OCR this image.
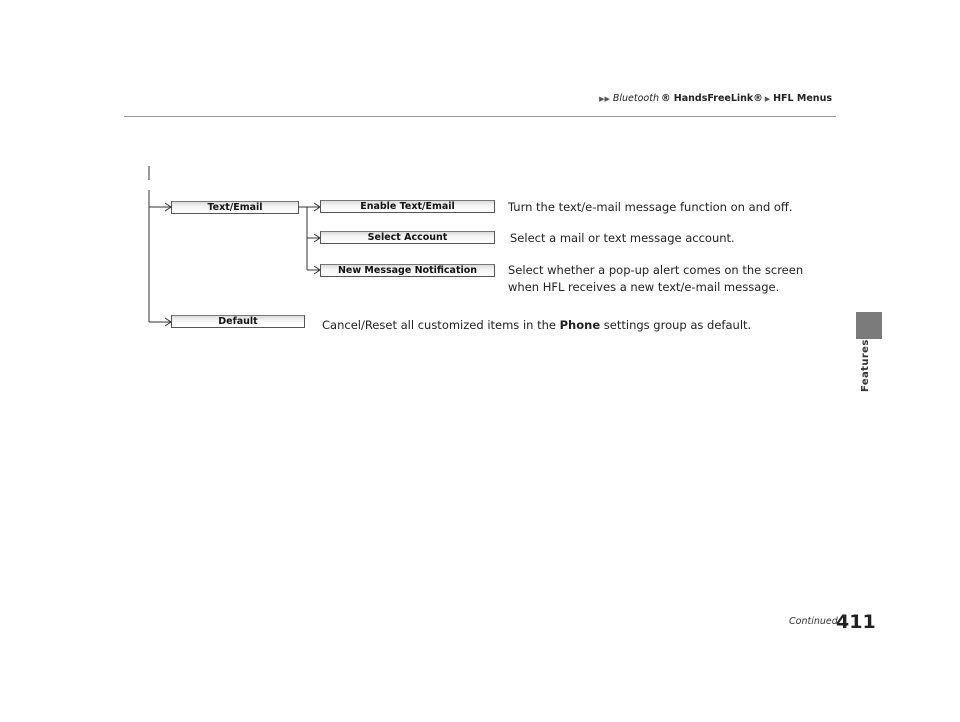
▶▶ Bluetooth ® HandsFreeLink® ▶ HFL Menus
Features
Text/Email	Enable Text/Email	Turn the text/e-mail message function on and off.
Select Account	Select a mail or text message account.
New Message Notification	Select whether a pop-up alert comes on the screen when HFL receives a new text/e-mail message.
Default	Cancel/Reset all customized items in the Phone settings group as default.
Continued
411
